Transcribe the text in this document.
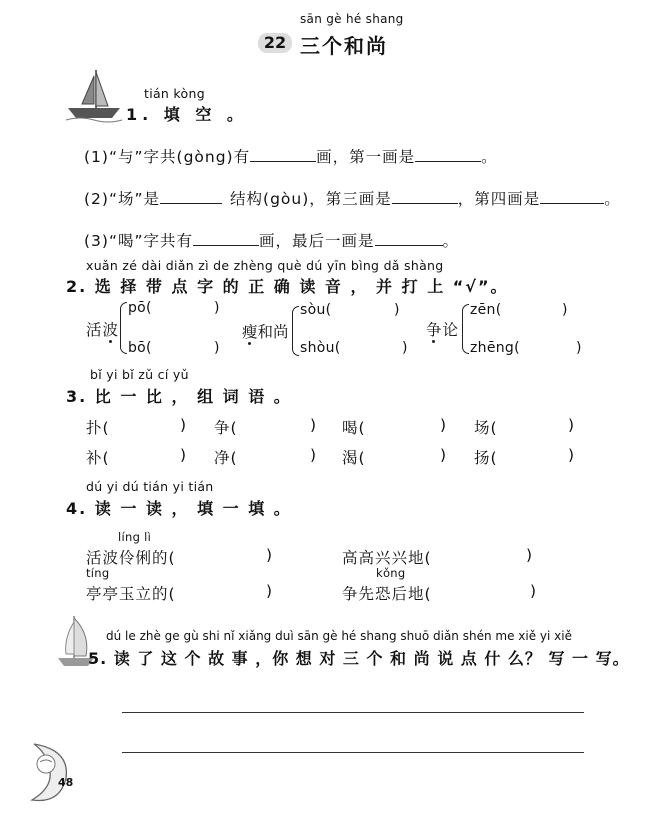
sān gè hé shang
22 三个和尚
tián kòng
1. 填 空 。
(1)“与”字共(gòng)有	画，第一画是	。
(2)“场”是	结构(gòu)，第三画是	，第四画是	。
(3)“喝”字共有	画，最后一画是	。
xuǎn zé dài diǎn zì de zhèng què dú yīn bìng dǎ shàng
2. 选 择 带 点 字 的 正 确 读 音 ， 并 打 上 “√”。
活波
pō(	)
bō(	)
瘦和尚
sòu(	)
shòu(	)
争论
zēn(	)
zhēng(	)
bǐ yi bǐ zǔ cí yǔ
3. 比 一 比 ， 组 词 语 。
扑(	) 争(	) 喝(	) 场(	)
补(	) 净(	) 渴(	) 扬(	)
dú yi dú tián yi tián
4. 读 一 读 ， 填 一 填 。
líng lì
活波伶俐的(	)	高高兴兴地(	)
tíng	kǒng
亭亭玉立的(	)	争先恐后地(	)
dú le zhè ge gù shi nǐ xiǎng duì sān gè hé shang shuō diǎn shén me xiě yi xiě
5. 读 了 这 个 故 事 ，你 想 对 三 个 和 尚 说 点 什 么？ 写 一 写。
48
